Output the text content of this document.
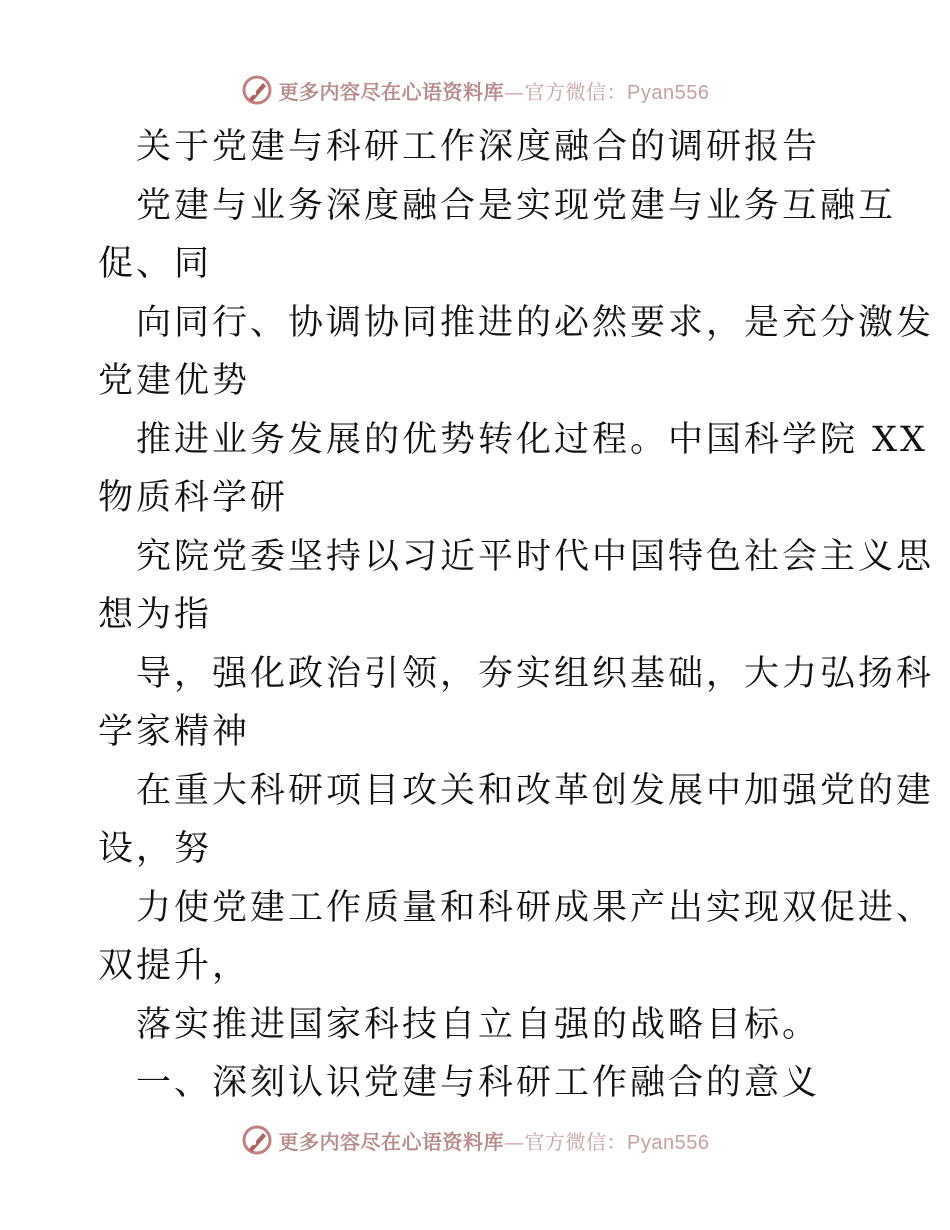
更多内容尽在心语资料库—官方微信：Pyan556
关于党建与科研工作深度融合的调研报告
党建与业务深度融合是实现党建与业务互融互
促、同
向同行、协调协同推进的必然要求，是充分激发
党建优势
推进业务发展的优势转化过程。中国科学院 XX
物质科学研
究院党委坚持以习近平时代中国特色社会主义思
想为指
导，强化政治引领，夯实组织基础，大力弘扬科
学家精神
在重大科研项目攻关和改革创发展中加强党的建
设，努
力使党建工作质量和科研成果产出实现双促进、
双提升，
落实推进国家科技自立自强的战略目标。
一、深刻认识党建与科研工作融合的意义
更多内容尽在心语资料库—官方微信：Pyan556
